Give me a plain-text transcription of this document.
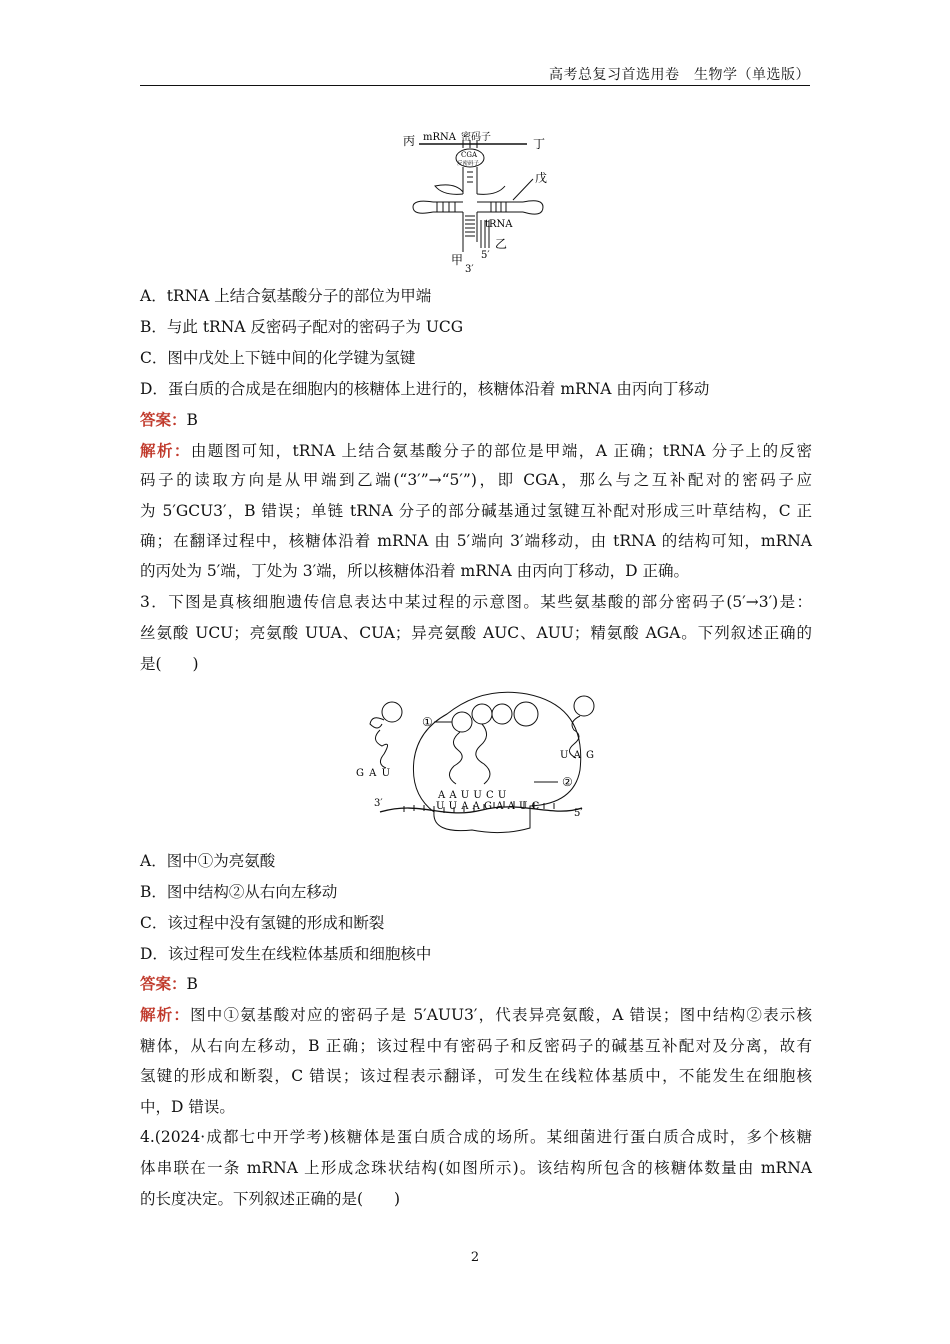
高考总复习首选用卷　生物学（单选版）
丙 mRNA 密码子	丁
CGA
反密码子
戊
tRNA
乙
5′
甲
3′
A．tRNA 上结合氨基酸分子的部位为甲端
B．与此 tRNA 反密码子配对的密码子为 UCG
C．图中戊处上下链中间的化学键为氢键
D．蛋白质的合成是在细胞内的核糖体上进行的，核糖体沿着 mRNA 由丙向丁移动
答案：B
解析：由题图可知，tRNA 上结合氨基酸分子的部位是甲端，A 正确；tRNA 分子上的反密
码子的读取方向是从甲端到乙端(“3′”→“5′”)，即 CGA，那么与之互补配对的密码子应
为 5′GCU3′，B 错误；单链 tRNA 分子的部分碱基通过氢键互补配对形成三叶草结构，C 正
确；在翻译过程中，核糖体沿着 mRNA 由 5′端向 3′端移动，由 tRNA 的结构可知，mRNA
的丙处为 5′端，丁处为 3′端，所以核糖体沿着 mRNA 由丙向丁移动，D 正确。
3．下图是真核细胞遗传信息表达中某过程的示意图。某些氨基酸的部分密码子(5′→3′)是：
丝氨酸 UCU；亮氨酸 UUA、CUA；异亮氨酸 AUC、AUU；精氨酸 AGA。下列叙述正确的
是(　　)
3′
5′
A A U U C U
U U A A G A A U C
②
G A U
①
U A G
A．图中①为亮氨酸
B．图中结构②从右向左移动
C．该过程中没有氢键的形成和断裂
D．该过程可发生在线粒体基质和细胞核中
答案：B
解析：图中①氨基酸对应的密码子是 5′AUU3′，代表异亮氨酸，A 错误；图中结构②表示核
糖体，从右向左移动，B 正确；该过程中有密码子和反密码子的碱基互补配对及分离，故有
氢键的形成和断裂，C 错误；该过程表示翻译，可发生在线粒体基质中，不能发生在细胞核
中，D 错误。
4.(2024·成都七中开学考)核糖体是蛋白质合成的场所。某细菌进行蛋白质合成时，多个核糖
体串联在一条 mRNA 上形成念珠状结构(如图所示)。该结构所包含的核糖体数量由 mRNA
的长度决定。下列叙述正确的是(　　)
2
